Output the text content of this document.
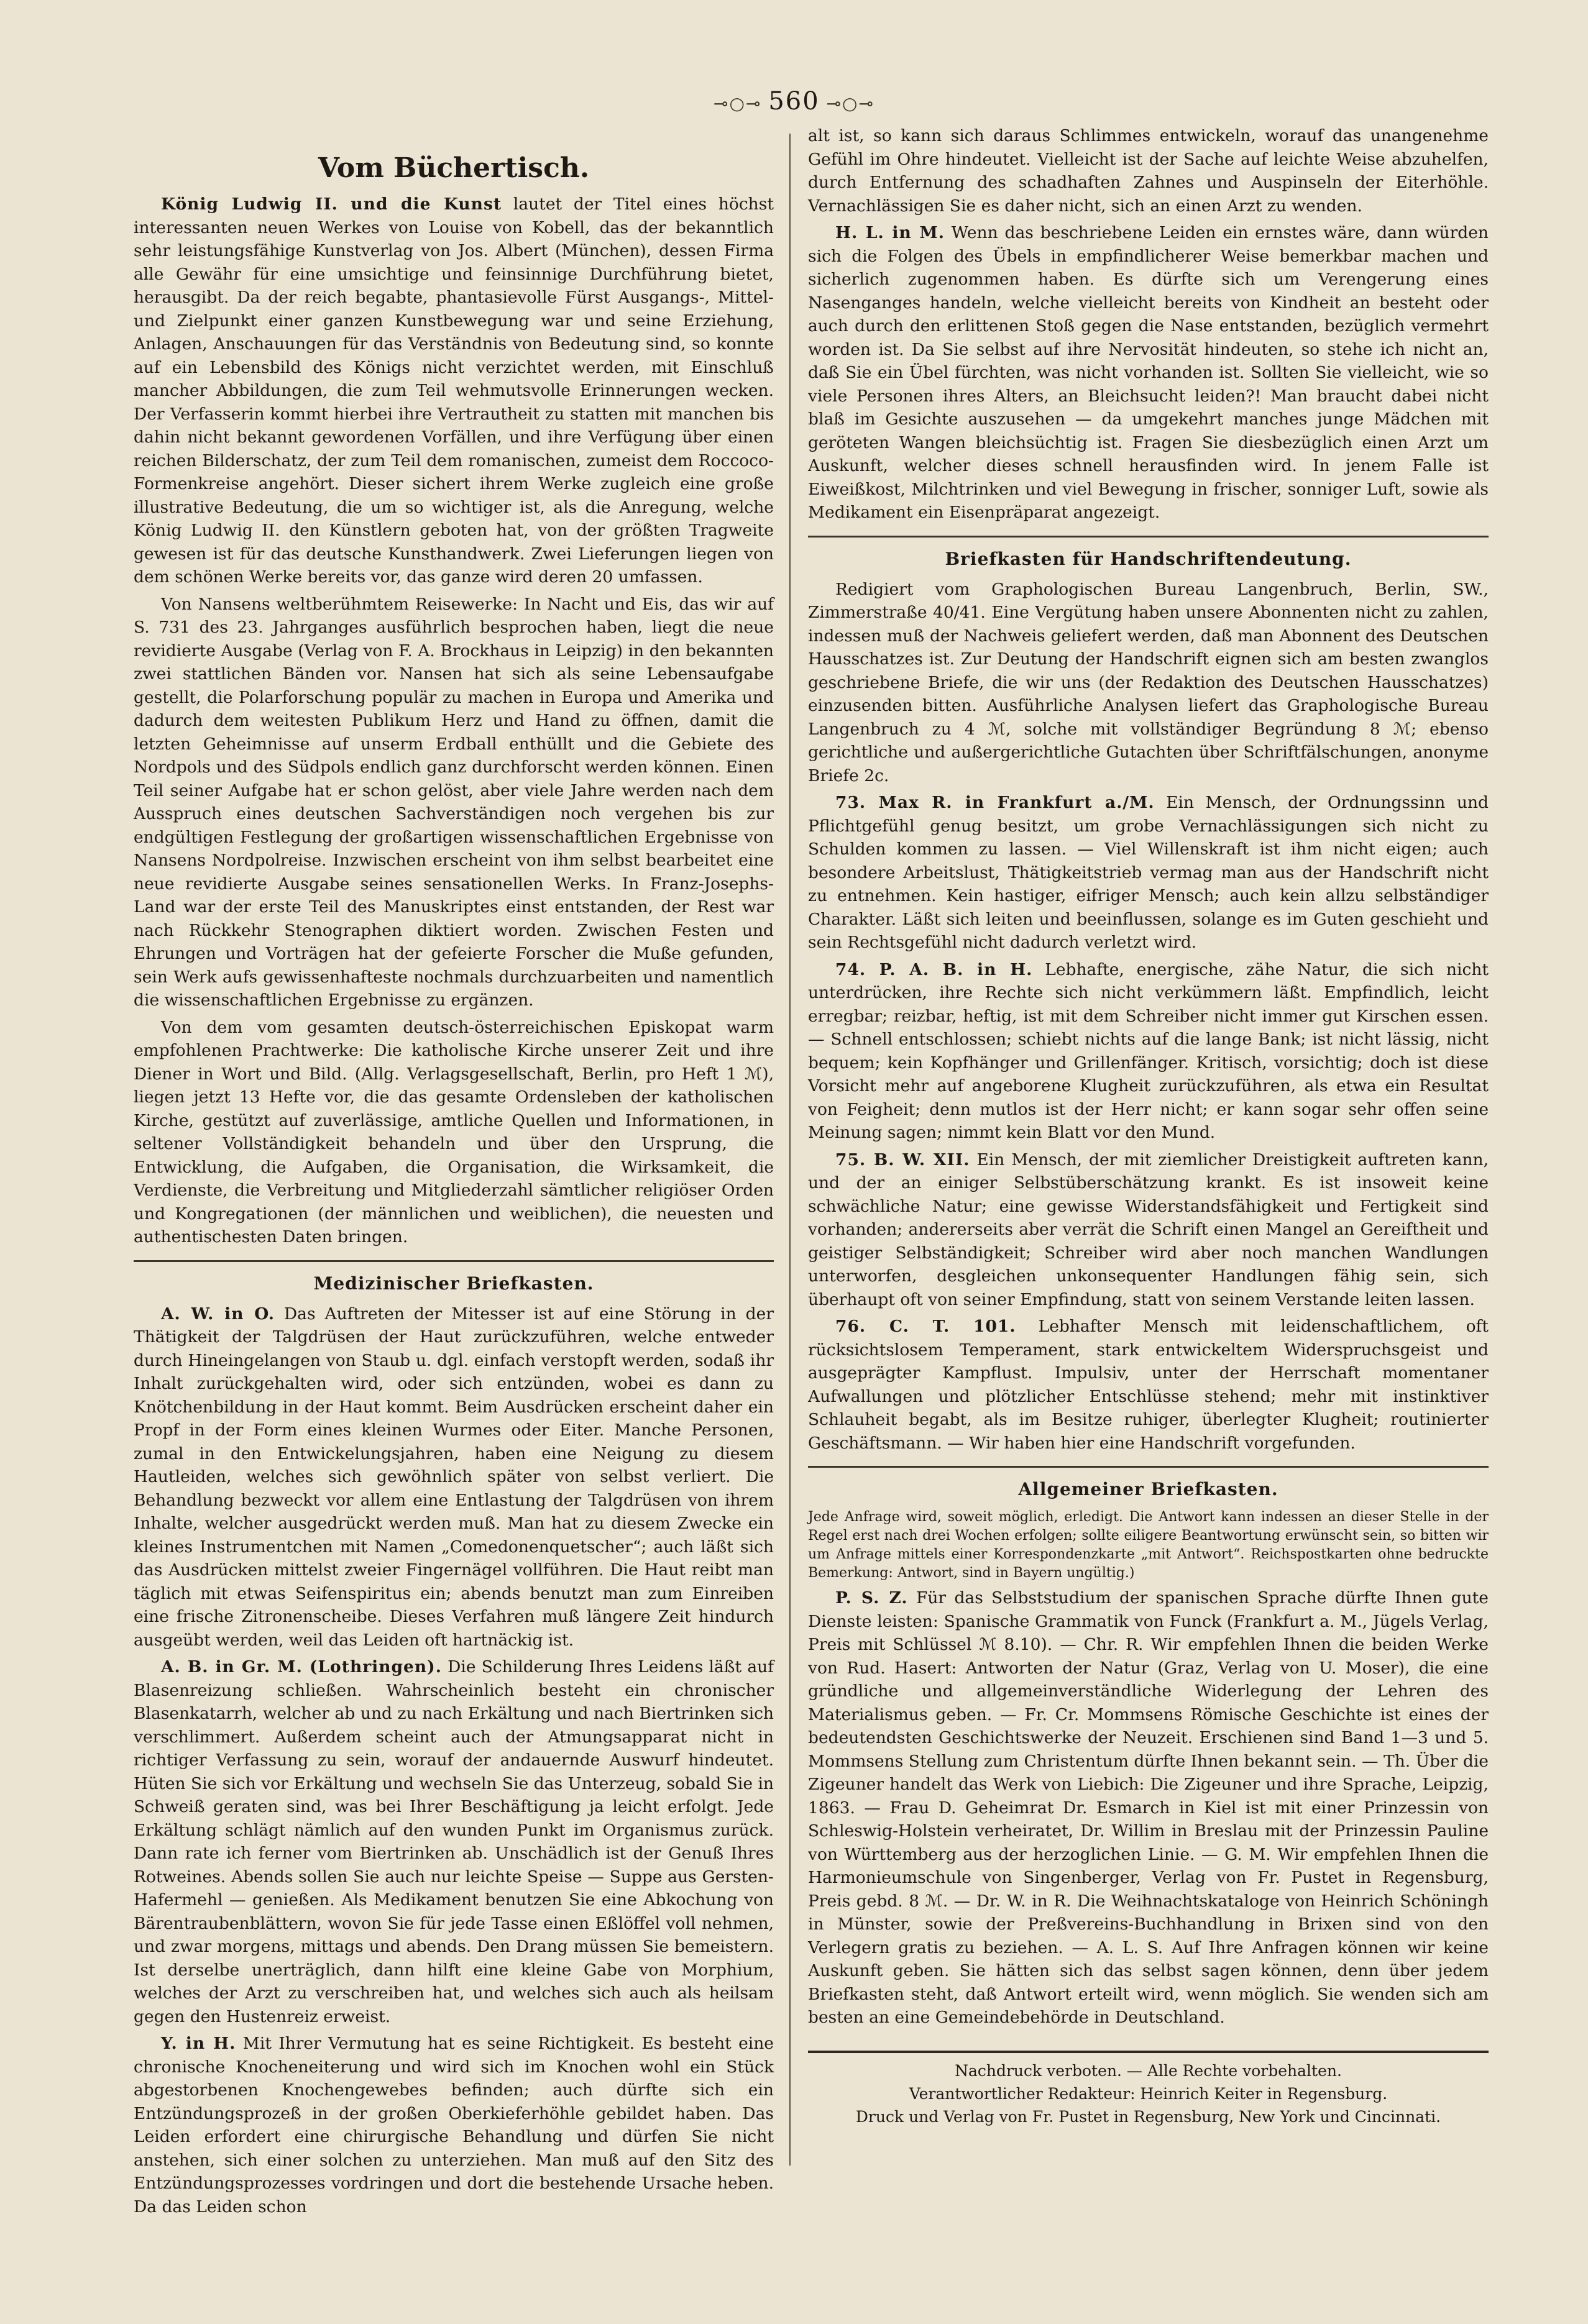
⊸○⊸ 560 ⊸○⊸
Vom Büchertisch.

König Ludwig II. und die Kunst lautet der Titel eines höchst interessanten neuen Werkes von Louise von Kobell, das der bekanntlich sehr leistungsfähige Kunstverlag von Jos. Albert (München), dessen Firma alle Gewähr für eine umsichtige und feinsinnige Durchführung bietet, herausgibt. Da der reich begabte, phantasievolle Fürst Ausgangs-, Mittel- und Zielpunkt einer ganzen Kunstbewegung war und seine Erziehung, Anlagen, Anschauungen für das Verständnis von Bedeutung sind, so konnte auf ein Lebensbild des Königs nicht verzichtet werden, mit Einschluß mancher Abbildungen, die zum Teil wehmutsvolle Erinnerungen wecken. Der Verfasserin kommt hierbei ihre Vertrautheit zu statten mit manchen bis dahin nicht bekannt gewordenen Vorfällen, und ihre Verfügung über einen reichen Bilderschatz, der zum Teil dem romanischen, zumeist dem Roccoco-Formenkreise angehört. Dieser sichert ihrem Werke zugleich eine große illustrative Bedeutung, die um so wichtiger ist, als die Anregung, welche König Ludwig II. den Künstlern geboten hat, von der größten Tragweite gewesen ist für das deutsche Kunsthandwerk. Zwei Lieferungen liegen von dem schönen Werke bereits vor, das ganze wird deren 20 umfassen.

Von Nansens weltberühmtem Reisewerke: In Nacht und Eis, das wir auf S. 731 des 23. Jahrganges ausführlich besprochen haben, liegt die neue revidierte Ausgabe (Verlag von F. A. Brockhaus in Leipzig) in den bekannten zwei stattlichen Bänden vor. Nansen hat sich als seine Lebensaufgabe gestellt, die Polarforschung populär zu machen in Europa und Amerika und dadurch dem weitesten Publikum Herz und Hand zu öffnen, damit die letzten Geheimnisse auf unserm Erdball enthüllt und die Gebiete des Nordpols und des Südpols endlich ganz durchforscht werden können. Einen Teil seiner Aufgabe hat er schon gelöst, aber viele Jahre werden nach dem Ausspruch eines deutschen Sachverständigen noch vergehen bis zur endgültigen Festlegung der großartigen wissenschaftlichen Ergebnisse von Nansens Nordpolreise. Inzwischen erscheint von ihm selbst bearbeitet eine neue revidierte Ausgabe seines sensationellen Werks. In Franz-Josephs-Land war der erste Teil des Manuskriptes einst entstanden, der Rest war nach Rückkehr Stenographen diktiert worden. Zwischen Festen und Ehrungen und Vorträgen hat der gefeierte Forscher die Muße gefunden, sein Werk aufs gewissenhafteste nochmals durchzuarbeiten und namentlich die wissenschaftlichen Ergebnisse zu ergänzen.

Von dem vom gesamten deutsch-österreichischen Episkopat warm empfohlenen Prachtwerke: Die katholische Kirche unserer Zeit und ihre Diener in Wort und Bild. (Allg. Verlagsgesellschaft, Berlin, pro Heft 1 ℳ), liegen jetzt 13 Hefte vor, die das gesamte Ordensleben der katholischen Kirche, gestützt auf zuverlässige, amtliche Quellen und Informationen, in seltener Vollständigkeit behandeln und über den Ursprung, die Entwicklung, die Aufgaben, die Organisation, die Wirksamkeit, die Verdienste, die Verbreitung und Mitgliederzahl sämtlicher religiöser Orden und Kongregationen (der männlichen und weiblichen), die neuesten und authentischesten Daten bringen.

Medizinischer Briefkasten.

A. W. in O. Das Auftreten der Mitesser ist auf eine Störung in der Thätigkeit der Talgdrüsen der Haut zurückzuführen, welche entweder durch Hineingelangen von Staub u. dgl. einfach verstopft werden, sodaß ihr Inhalt zurückgehalten wird, oder sich entzünden, wobei es dann zu Knötchenbildung in der Haut kommt. Beim Ausdrücken erscheint daher ein Propf in der Form eines kleinen Wurmes oder Eiter. Manche Personen, zumal in den Entwickelungsjahren, haben eine Neigung zu diesem Hautleiden, welches sich gewöhnlich später von selbst verliert. Die Behandlung bezweckt vor allem eine Entlastung der Talgdrüsen von ihrem Inhalte, welcher ausgedrückt werden muß. Man hat zu diesem Zwecke ein kleines Instrumentchen mit Namen „Comedonenquetscher“; auch läßt sich das Ausdrücken mittelst zweier Fingernägel vollführen. Die Haut reibt man täglich mit etwas Seifenspiritus ein; abends benutzt man zum Einreiben eine frische Zitronenscheibe. Dieses Verfahren muß längere Zeit hindurch ausgeübt werden, weil das Leiden oft hartnäckig ist.

A. B. in Gr. M. (Lothringen). Die Schilderung Ihres Leidens läßt auf Blasenreizung schließen. Wahrscheinlich besteht ein chronischer Blasenkatarrh, welcher ab und zu nach Erkältung und nach Biertrinken sich verschlimmert. Außerdem scheint auch der Atmungsapparat nicht in richtiger Verfassung zu sein, worauf der andauernde Auswurf hindeutet. Hüten Sie sich vor Erkältung und wechseln Sie das Unterzeug, sobald Sie in Schweiß geraten sind, was bei Ihrer Beschäftigung ja leicht erfolgt. Jede Erkältung schlägt nämlich auf den wunden Punkt im Organismus zurück. Dann rate ich ferner vom Biertrinken ab. Unschädlich ist der Genuß Ihres Rotweines. Abends sollen Sie auch nur leichte Speise — Suppe aus Gersten-Hafermehl — genießen. Als Medikament benutzen Sie eine Abkochung von Bärentraubenblättern, wovon Sie für jede Tasse einen Eßlöffel voll nehmen, und zwar morgens, mittags und abends. Den Drang müssen Sie bemeistern. Ist derselbe unerträglich, dann hilft eine kleine Gabe von Morphium, welches der Arzt zu verschreiben hat, und welches sich auch als heilsam gegen den Hustenreiz erweist.

Y. in H. Mit Ihrer Vermutung hat es seine Richtigkeit. Es besteht eine chronische Knocheneiterung und wird sich im Knochen wohl ein Stück abgestorbenen Knochengewebes befinden; auch dürfte sich ein Entzündungsprozeß in der großen Oberkieferhöhle gebildet haben. Das Leiden erfordert eine chirurgische Behandlung und dürfen Sie nicht anstehen, sich einer solchen zu unterziehen. Man muß auf den Sitz des Entzündungsprozesses vordringen und dort die bestehende Ursache heben. Da das Leiden schon

alt ist, so kann sich daraus Schlimmes entwickeln, worauf das unangenehme Gefühl im Ohre hindeutet. Vielleicht ist der Sache auf leichte Weise abzuhelfen, durch Entfernung des schadhaften Zahnes und Auspinseln der Eiterhöhle. Vernachlässigen Sie es daher nicht, sich an einen Arzt zu wenden.

H. L. in M. Wenn das beschriebene Leiden ein ernstes wäre, dann würden sich die Folgen des Übels in empfindlicherer Weise bemerkbar machen und sicherlich zugenommen haben. Es dürfte sich um Verengerung eines Nasenganges handeln, welche vielleicht bereits von Kindheit an besteht oder auch durch den erlittenen Stoß gegen die Nase entstanden, bezüglich vermehrt worden ist. Da Sie selbst auf ihre Nervosität hindeuten, so stehe ich nicht an, daß Sie ein Übel fürchten, was nicht vorhanden ist. Sollten Sie vielleicht, wie so viele Personen ihres Alters, an Bleichsucht leiden?! Man braucht dabei nicht blaß im Gesichte auszusehen — da umgekehrt manches junge Mädchen mit geröteten Wangen bleichsüchtig ist. Fragen Sie diesbezüglich einen Arzt um Auskunft, welcher dieses schnell herausfinden wird. In jenem Falle ist Eiweißkost, Milchtrinken und viel Bewegung in frischer, sonniger Luft, sowie als Medikament ein Eisenpräparat angezeigt.

Briefkasten für Handschriftendeutung.

Redigiert vom Graphologischen Bureau Langenbruch, Berlin, SW., Zimmerstraße 40/41. Eine Vergütung haben unsere Abonnenten nicht zu zahlen, indessen muß der Nachweis geliefert werden, daß man Abonnent des Deutschen Hausschatzes ist. Zur Deutung der Handschrift eignen sich am besten zwanglos geschriebene Briefe, die wir uns (der Redaktion des Deutschen Hausschatzes) einzusenden bitten. Ausführliche Analysen liefert das Graphologische Bureau Langenbruch zu 4 ℳ, solche mit vollständiger Begründung 8 ℳ; ebenso gerichtliche und außergerichtliche Gutachten über Schriftfälschungen, anonyme Briefe 2c.

73. Max R. in Frankfurt a./M. Ein Mensch, der Ordnungssinn und Pflichtgefühl genug besitzt, um grobe Vernachlässigungen sich nicht zu Schulden kommen zu lassen. — Viel Willenskraft ist ihm nicht eigen; auch besondere Arbeitslust, Thätigkeitstrieb vermag man aus der Handschrift nicht zu entnehmen. Kein hastiger, eifriger Mensch; auch kein allzu selbständiger Charakter. Läßt sich leiten und beeinflussen, solange es im Guten geschieht und sein Rechtsgefühl nicht dadurch verletzt wird.

74. P. A. B. in H. Lebhafte, energische, zähe Natur, die sich nicht unterdrücken, ihre Rechte sich nicht verkümmern läßt. Empfindlich, leicht erregbar; reizbar, heftig, ist mit dem Schreiber nicht immer gut Kirschen essen. — Schnell entschlossen; schiebt nichts auf die lange Bank; ist nicht lässig, nicht bequem; kein Kopfhänger und Grillenfänger. Kritisch, vorsichtig; doch ist diese Vorsicht mehr auf angeborene Klugheit zurückzuführen, als etwa ein Resultat von Feigheit; denn mutlos ist der Herr nicht; er kann sogar sehr offen seine Meinung sagen; nimmt kein Blatt vor den Mund.

75. B. W. XII. Ein Mensch, der mit ziemlicher Dreistigkeit auftreten kann, und der an einiger Selbstüberschätzung krankt. Es ist insoweit keine schwächliche Natur; eine gewisse Widerstandsfähigkeit und Fertigkeit sind vorhanden; andererseits aber verrät die Schrift einen Mangel an Gereiftheit und geistiger Selbständigkeit; Schreiber wird aber noch manchen Wandlungen unterworfen, desgleichen unkonsequenter Handlungen fähig sein, sich überhaupt oft von seiner Empfindung, statt von seinem Verstande leiten lassen.

76. C. T. 101. Lebhafter Mensch mit leidenschaftlichem, oft rücksichtslosem Temperament, stark entwickeltem Widerspruchsgeist und ausgeprägter Kampflust. Impulsiv, unter der Herrschaft momentaner Aufwallungen und plötzlicher Entschlüsse stehend; mehr mit instinktiver Schlauheit begabt, als im Besitze ruhiger, überlegter Klugheit; routinierter Geschäftsmann. — Wir haben hier eine Handschrift vorgefunden.

Allgemeiner Briefkasten.

Jede Anfrage wird, soweit möglich, erledigt. Die Antwort kann indessen an dieser Stelle in der Regel erst nach drei Wochen erfolgen; sollte eiligere Beantwortung erwünscht sein, so bitten wir um Anfrage mittels einer Korrespondenzkarte „mit Antwort“. Reichspostkarten ohne bedruckte Bemerkung: Antwort, sind in Bayern ungültig.)

P. S. Z. Für das Selbststudium der spanischen Sprache dürfte Ihnen gute Dienste leisten: Spanische Grammatik von Funck (Frankfurt a. M., Jügels Verlag, Preis mit Schlüssel ℳ 8.10). — Chr. R. Wir empfehlen Ihnen die beiden Werke von Rud. Hasert: Antworten der Natur (Graz, Verlag von U. Moser), die eine gründliche und allgemeinverständliche Widerlegung der Lehren des Materialismus geben. — Fr. Cr. Mommsens Römische Geschichte ist eines der bedeutendsten Geschichtswerke der Neuzeit. Erschienen sind Band 1—3 und 5. Mommsens Stellung zum Christentum dürfte Ihnen bekannt sein. — Th. Über die Zigeuner handelt das Werk von Liebich: Die Zigeuner und ihre Sprache, Leipzig, 1863. — Frau D. Geheimrat Dr. Esmarch in Kiel ist mit einer Prinzessin von Schleswig-Holstein verheiratet, Dr. Willim in Breslau mit der Prinzessin Pauline von Württemberg aus der herzoglichen Linie. — G. M. Wir empfehlen Ihnen die Harmonieumschule von Singenberger, Verlag von Fr. Pustet in Regensburg, Preis gebd. 8 ℳ. — Dr. W. in R. Die Weihnachtskataloge von Heinrich Schöningh in Münster, sowie der Preßvereins-Buchhandlung in Brixen sind von den Verlegern gratis zu beziehen. — A. L. S. Auf Ihre Anfragen können wir keine Auskunft geben. Sie hätten sich das selbst sagen können, denn über jedem Briefkasten steht, daß Antwort erteilt wird, wenn möglich. Sie wenden sich am besten an eine Gemeindebehörde in Deutschland.

Nachdruck verboten. — Alle Rechte vorbehalten.
Verantwortlicher Redakteur: Heinrich Keiter in Regensburg.
Druck und Verlag von Fr. Pustet in Regensburg, New York und Cincinnati.
